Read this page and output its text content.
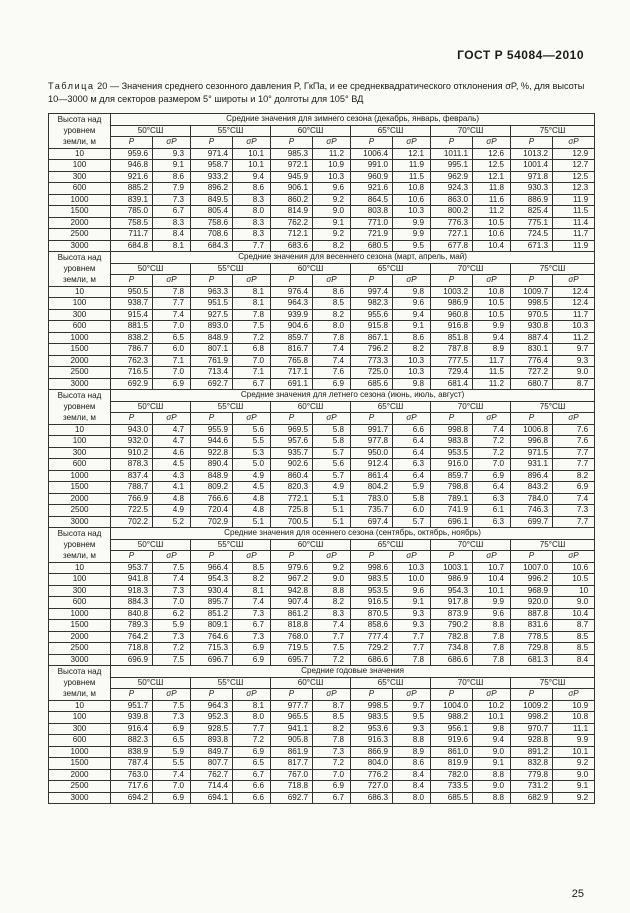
ГОСТ Р 54084—2010
Таблица 20 — Значения среднего сезонного давления P, ГкПа, и ее среднеквадратического отклонения σP, %, для высоты 10—3000 м для секторов размером 5° широты и 10° долготы для 105° ВД
Высота над уровнем земли, м	Средние значения для зимнего сезона (декабрь, январь, февраль)											
	50°СШ		55°СШ		60°СШ		65°СШ		70°СШ		75°СШ	
	P	σP	P	σP	P	σP	P	σP	P	σP	P	σP
10	959.6	9.3	971.4	10.1	985.3	11.2	1006.4	12.1	1011.1	12.6	1013.2	12.9
100	946.8	9.1	958.7	10.1	972.1	10.9	991.0	11.9	995.1	12.5	1001.4	12.7
300	921.6	8.6	933.2	9.4	945.9	10.3	960.9	11.5	962.9	12.1	971.8	12.5
600	885.2	7.9	896.2	8.6	906.1	9.6	921.6	10.8	924.3	11.8	930.3	12.3
1000	839.1	7.3	849.5	8.3	860.2	9.2	864.5	10.6	863.0	11.6	886.9	11.9
1500	785.0	6.7	805.4	8.0	814.9	9.0	803.8	10.3	800.2	11.2	825.4	11.5
2000	758.5	8.3	758.6	8.3	762.2	9.1	771.0	9.9	776.3	10.5	775.1	11.4
2500	711.7	8.4	708.6	8.3	712.1	9.2	721.9	9.9	727.1	10.6	724.5	11.7
3000	684.8	8.1	684.3	7.7	683.6	8.2	680.5	9.5	677.8	10.4	671.3	11.9
Высота над уровнем земли, м	Средние значения для весеннего сезона (март, апрель, май)											
	50°СШ		55°СШ		60°СШ		65°СШ		70°СШ		75°СШ	
	P	σP	P	σP	P	σP	P	σP	P	σP	P	σP
10	950.5	7.8	963.3	8.1	976.4	8.6	997.4	9.8	1003.2	10.8	1009.7	12.4
100	938.7	7.7	951.5	8.1	964.3	8.5	982.3	9.6	986.9	10.5	998.5	12.4
300	915.4	7.4	927.5	7.8	939.9	8.2	955.6	9.4	960.8	10.5	970.5	11.7
600	881.5	7.0	893.0	7.5	904.6	8.0	915.8	9.1	916.8	9.9	930.8	10.3
1000	838.2	6.5	848.9	7.2	859.7	7.8	867.1	8.6	851.8	9.4	887.4	11.2
1500	786.7	6.0	807.1	6.8	816.7	7.4	796.2	8.2	787.8	8.9	830.1	9.7
2000	762.3	7.1	761.9	7.0	765.8	7.4	773.3	10.3	777.5	11.7	776.4	9.3
2500	716.5	7.0	713.4	7.1	717.1	7.6	725.0	10.3	729.4	11.5	727.2	9.0
3000	692.9	6.9	692.7	6.7	691.1	6.9	685.6	9.8	681.4	11.2	680.7	8.7
Высота над уровнем земли, м	Средние значения для летнего сезона (июнь, июль, август)											
	50°СШ		55°СШ		60°СШ		65°СШ		70°СШ		75°СШ	
	P	σP	P	σP	P	σP	P	σP	P	σP	P	σP
10	943.0	4.7	955.9	5.6	969.5	5.8	991.7	6.6	998.8	7.4	1006.8	7.6
100	932.0	4.7	944.6	5.5	957.6	5.8	977.8	6.4	983.8	7.2	996.8	7.6
300	910.2	4.6	922.8	5.3	935.7	5.7	950.0	6.4	953.5	7.2	971.5	7.7
600	878.3	4.5	890.4	5.0	902.6	5.6	912.4	6.3	916.0	7.0	931.1	7.7
1000	837.4	4.3	848.9	4.9	860.4	5.7	861.4	6.4	859.7	6.9	896.4	8.2
1500	788.7	4.1	809.2	4.5	820.3	4.9	804.2	5.9	798.8	6.4	843.2	6.9
2000	766.9	4.8	766.6	4.8	772.1	5.1	783.0	5.8	789.1	6.3	784.0	7.4
2500	722.5	4.9	720.4	4.8	725.8	5.1	735.7	6.0	741.9	6.1	746.3	7.3
3000	702.2	5.2	702.9	5.1	700.5	5.1	697.4	5.7	696.1	6.3	699.7	7.7
Высота над уровнем земли, м	Средние значения для осеннего сезона (сентябрь, октябрь, ноябрь)											
	50°СШ		55°СШ		60°СШ		65°СШ		70°СШ		75°СШ	
	P	σP	P	σP	P	σP	P	σP	P	σP	P	σP
10	953.7	7.5	966.4	8.5	979.6	9.2	998.6	10.3	1003.1	10.7	1007.0	10.6
100	941.8	7.4	954.3	8.2	967.2	9.0	983.5	10.0	986.9	10.4	996.2	10.5
300	918.3	7.3	930.4	8.1	942.8	8.8	953.5	9.6	954.3	10.1	968.9	10
600	884.3	7.0	895.7	7.4	907.4	8.2	916.5	9.1	917.8	9.9	920.0	9.0
1000	840.8	6.2	851.2	7.3	861.2	8.3	870.5	9.3	873.9	9.6	887.8	10.4
1500	789.3	5.9	809.1	6.7	818.8	7.4	858.6	9.3	790.2	8.8	831.6	8.7
2000	764.2	7.3	764.6	7.3	768.0	7.7	777.4	7.7	782.8	7.8	778.5	8.5
2500	718.8	7.2	715.3	6.9	719.5	7.5	729.2	7.7	734.8	7.8	729.8	8.5
3000	696.9	7.5	696.7	6.9	695.7	7.2	686.6	7.8	686.6	7.8	681.3	8.4
Высота над уровнем земли, м	Средние годовые значения											
	50°СШ		55°СШ		60°СШ		65°СШ		70°СШ		75°СШ	
	P	σP	P	σP	P	σP	P	σP	P	σP	P	σP
10	951.7	7.5	964.3	8.1	977.7	8.7	998.5	9.7	1004.0	10.2	1009.2	10.9
100	939.8	7.3	952.3	8.0	965.5	8.5	983.5	9.5	988.2	10.1	998.2	10.8
300	916.4	6.9	928.5	7.7	941.1	8.2	953.6	9.3	956.1	9.8	970.7	11.1
600	882.3	6.5	893.8	7.2	905.8	7.8	916.3	8.8	919.6	9.4	928.8	9.9
1000	838.9	5.9	849.7	6.9	861.9	7.3	866.9	8.9	861.0	9.0	891.2	10.1
1500	787.4	5.5	807.7	6.5	817.7	7.2	804.0	8.6	819.9	9.1	832.8	9.2
2000	763.0	7.4	762.7	6.7	767.0	7.0	776.2	8.4	782.0	8.8	779.8	9.0
2500	717.6	7.0	714.4	6.6	718.8	6.9	727.0	8.4	733.5	9.0	731.2	9.1
3000	694.2	6.9	694.1	6.6	692.7	6.7	686.3	8.0	685.5	8.8	682.9	9.2
25
